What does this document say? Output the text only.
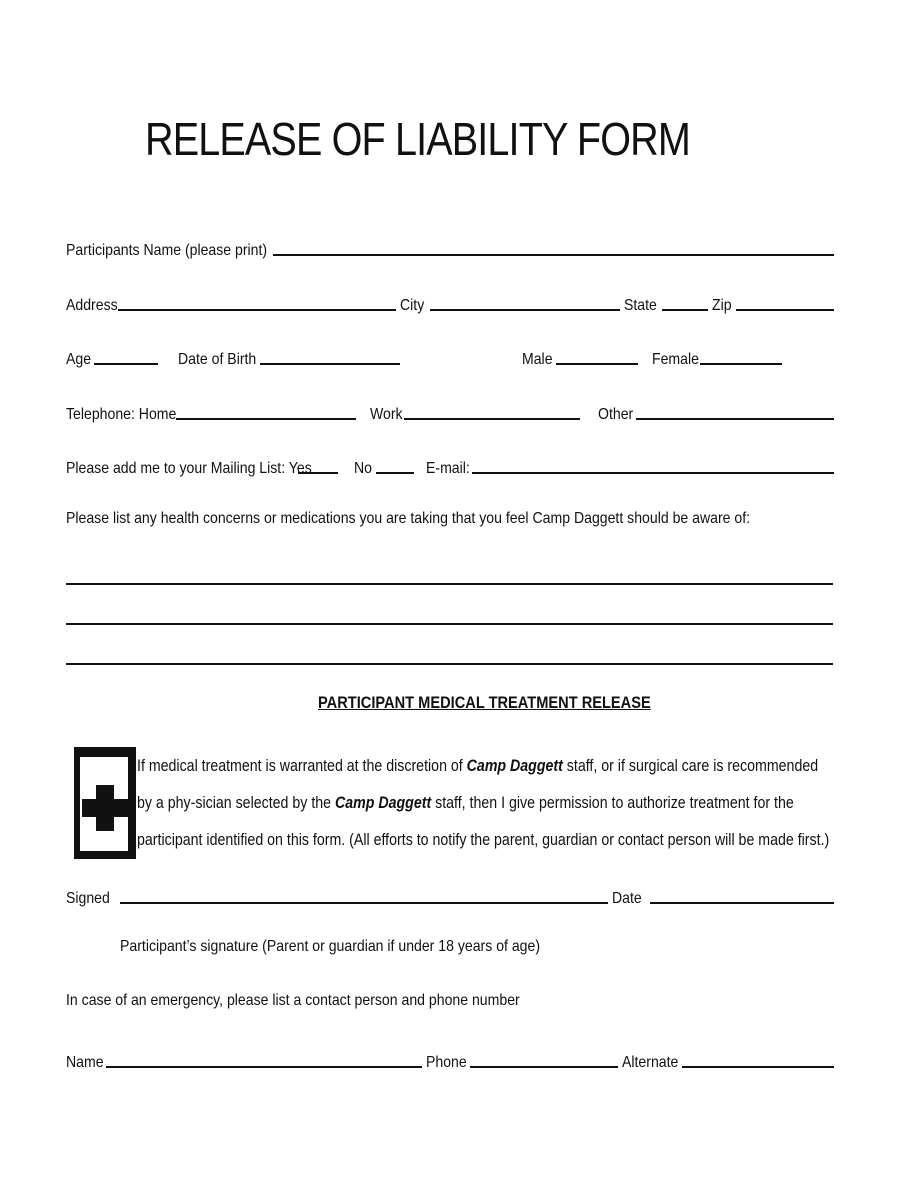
RELEASE OF LIABILITY FORM
Participants Name (please print)
Address	City	State	Zip
Age	Date of Birth	Male	Female
Telephone: Home	Work	Other
Please add me to your Mailing List: Yes	No	E-mail:
Please list any health concerns or medications you are taking that you feel Camp Daggett should be aware of:
PARTICIPANT MEDICAL TREATMENT RELEASE
If medical treatment is warranted at the discretion of Camp Daggett staff, or if surgical care is recommended by a phy-sician selected by the Camp Daggett staff, then I give permission to authorize treatment for the participant identified on this form. (All efforts to notify the parent, guardian or contact person will be made first.)
Signed	Date
Participant’s signature (Parent or guardian if under 18 years of age)
In case of an emergency, please list a contact person and phone number
Name	Phone	Alternate
